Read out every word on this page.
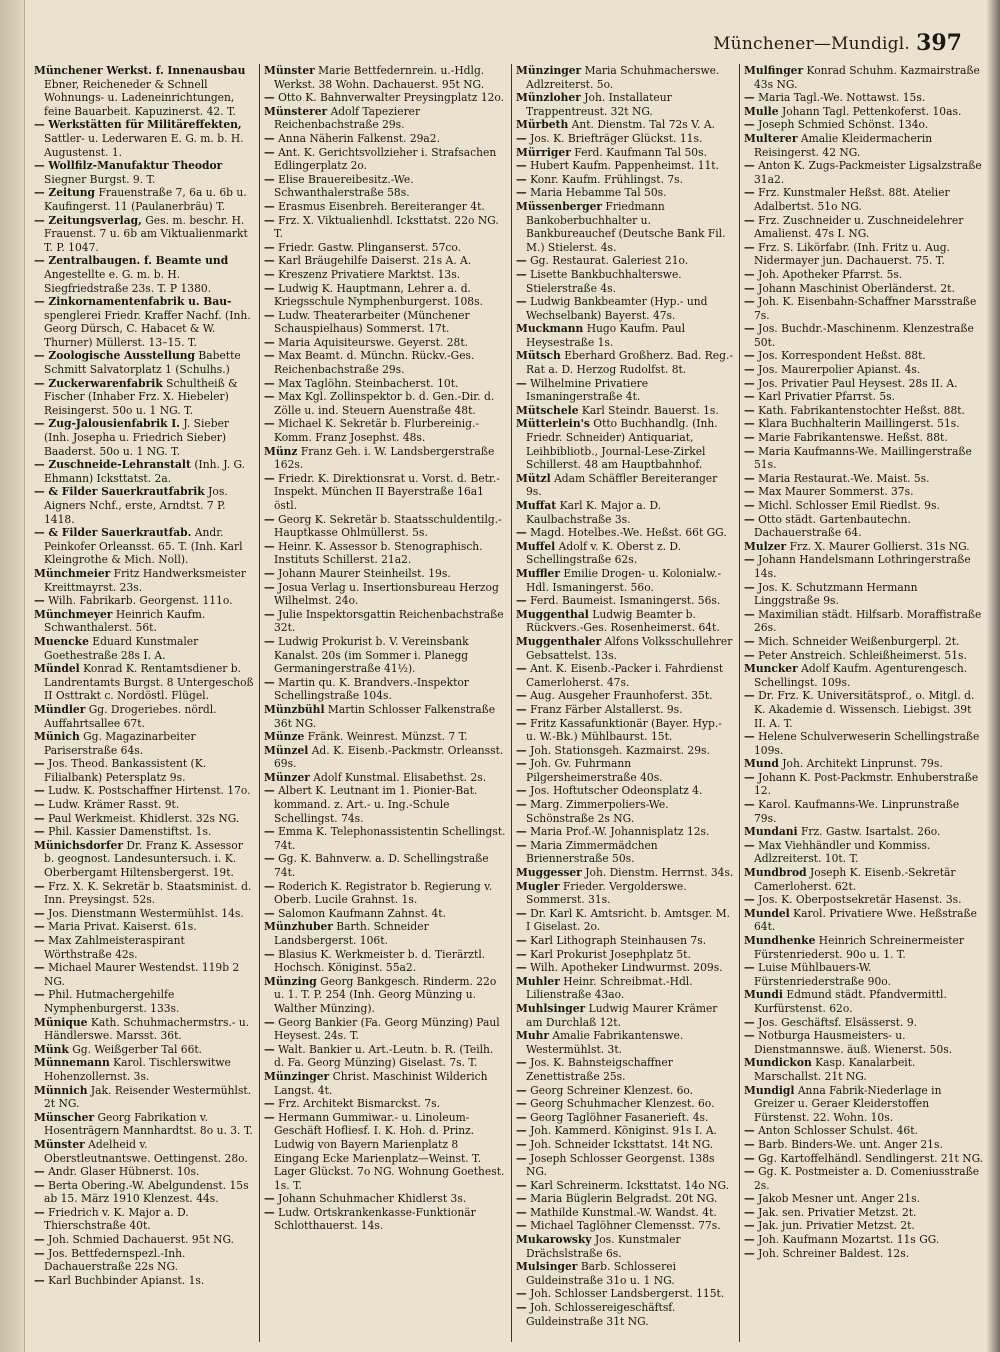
Münchener—Mundigl. 397
Münchener Werkst. f. Innenausbau Ebner, Reicheneder & Schnell Wohnungs- u. Ladeneinrichtungen, feine Bauarbeit. Kapuzinerst. 42. T.
— Werkstätten für Militäreffekten, Sattler- u. Lederwaren E. G. m. b. H. Augustenst. 1.
— Wollfilz-Manufaktur Theodor Siegner Burgst. 9. T.
— Zeitung Frauenstraße 7, 6a u. 6b u. Kaufingerst. 11 (Paulanerbräu) T.
— Zeitungsverlag, Ges. m. beschr. H. Frauenst. 7 u. 6b am Viktualienmarkt T. P. 1047.
— Zentralbaugen. f. Beamte und Angestellte e. G. m. b. H. Siegfriedstraße 23s. T. P 1380.
— Zinkornamentenfabrik u. Bau- spenglerei Friedr. Kraffer Nachf. (Inh. Georg Dürsch, C. Habacet & W. Thurner) Müllerst. 13–15. T.
— Zoologische Ausstellung Babette Schmitt Salvatorplatz 1 (Schulhs.)
— Zuckerwarenfabrik Schultheiß & Fischer (Inhaber Frz. X. Hiebeler) Reisingerst. 50o u. 1 NG. T.
— Zug-Jalousienfabrik I. J. Sieber (Inh. Josepha u. Friedrich Sieber) Baaderst. 50o u. 1 NG. T.
— Zuschneide-Lehranstalt (Inh. J. G. Ehmann) Icksttatst. 2a.
— & Filder Sauerkrautfabrik Jos. Aigners Nchf., erste, Arndtst. 7 P. 1418.
— & Filder Sauerkrautfab. Andr. Peinkofer Orleansst. 65. T. (Inh. Karl Kleingrothe & Mich. Noll).
Münchmeier Fritz Handwerksmeister Kreittmayrst. 23s.
— Wilh. Fabrikarb. Georgenst. 111o.
Münchmeyer Heinrich Kaufm. Schwanthalerst. 56t.
Muencke Eduard Kunstmaler Goethestraße 28s I. A.
Mündel Konrad K. Rentamtsdiener b. Landrentamts Burgst. 8 Untergeschoß II Osttrakt c. Nordöstl. Flügel.
Mündler Gg. Drogeriebes. nördl. Auffahrtsallee 67t.
Münich Gg. Magazinarbeiter Pariserstraße 64s.
— Jos. Theod. Bankassistent (K. Filialbank) Petersplatz 9s.
— Ludw. K. Postschaffner Hirtenst. 17o.
— Ludw. Krämer Rasst. 9t.
— Paul Werkmeist. Khidlerst. 32s NG.
— Phil. Kassier Damenstiftst. 1s.
Münichsdorfer Dr. Franz K. Assessor b. geognost. Landesuntersuch. i. K. Oberbergamt Hiltensbergerst. 19t.
— Frz. X. K. Sekretär b. Staatsminist. d. Inn. Preysingst. 52s.
— Jos. Dienstmann Westermühlst. 14s.
— Maria Privat. Kaiserst. 61s.
— Max Zahlmeisteraspirant Wörthstraße 42s.
— Michael Maurer Westendst. 119b 2 NG.
— Phil. Hutmachergehilfe Nymphenburgerst. 133s.
Münique Kath. Schuhmachermstrs.- u. Händlerswe. Marsst. 36t.
Münk Gg. Weißgerber Tal 66t.
Münnemann Karol. Tischlerswitwe Hohenzollernst. 3s.
Münnich Jak. Reisender Westermühlst. 2t NG.
Münscher Georg Fabrikation v. Hosenträgern Mannhardtst. 8o u. 3. T.
Münster Adelheid v. Oberstleutnantswe. Oettingenst. 28o.
— Andr. Glaser Hübnerst. 10s.
— Berta Obering.-W. Abelgundenst. 15s ab 15. März 1910 Klenzest. 44s.
— Friedrich v. K. Major a. D. Thierschstraße 40t.
— Joh. Schmied Dachauerst. 95t NG.
— Jos. Bettfedernspezl.-Inh. Dachauerstraße 22s NG.
— Karl Buchbinder Apianst. 1s.
Münster Marie Bettfedernrein. u.-Hdlg. Werkst. 38 Wohn. Dachauerst. 95t NG.
— Otto K. Bahnverwalter Preysingplatz 12o.
Münsterer Adolf Tapezierer Reichenbachstraße 29s.
— Anna Näherin Falkenst. 29a2.
— Ant. K. Gerichtsvollzieher i. Strafsachen Edlingerplatz 2o.
— Elise Brauereibesitz.-We. Schwanthalerstraße 58s.
— Erasmus Eisenbreh. Bereiteranger 4t.
— Frz. X. Viktualienhdl. Icksttatst. 22o NG. T.
— Friedr. Gastw. Plinganserst. 57co.
— Karl Bräugehilfe Daiserst. 21s A. A.
— Kreszenz Privatiere Marktst. 13s.
— Ludwig K. Hauptmann, Lehrer a. d. Kriegsschule Nymphenburgerst. 108s.
— Ludw. Theaterarbeiter (Münchener Schauspielhaus) Sommerst. 17t.
— Maria Aquisiteurswe. Geyerst. 28t.
— Max Beamt. d. Münchn. Rückv.-Ges. Reichenbachstraße 29s.
— Max Taglöhn. Steinbacherst. 10t.
— Max Kgl. Zollinspektor b. d. Gen.-Dir. d. Zölle u. ind. Steuern Auenstraße 48t.
— Michael K. Sekretär b. Flurbereinig.-Komm. Franz Josephst. 48s.
Münz Franz Geh. i. W. Landsbergerstraße 162s.
— Friedr. K. Direktionsrat u. Vorst. d. Betr.-Inspekt. München II Bayerstraße 16a1 östl.
— Georg K. Sekretär b. Staatsschuldentilg.-Hauptkasse Ohlmüllerst. 5s.
— Heinr. K. Assessor b. Stenographisch. Instituts Schillerst. 21a2.
— Johann Maurer Steinheilst. 19s.
— Josua Verlag u. Insertionsbureau Herzog Wilhelmst. 24o.
— Julie Inspektorsgattin Reichenbachstraße 32t.
— Ludwig Prokurist b. V. Vereinsbank Kanalst. 20s (im Sommer i. Planegg Germaningerstraße 41½).
— Martin qu. K. Brandvers.-Inspektor Schellingstraße 104s.
Münzbühl Martin Schlosser Falkenstraße 36t NG.
Münze Fränk. Weinrest. Münzst. 7 T.
Münzel Ad. K. Eisenb.-Packmstr. Orleansst. 69s.
Münzer Adolf Kunstmal. Elisabethst. 2s.
— Albert K. Leutnant im 1. Pionier-Bat. kommand. z. Art.- u. Ing.-Schule Schellingst. 74s.
— Emma K. Telephonassistentin Schellingst. 74t.
— Gg. K. Bahnverw. a. D. Schellingstraße 74t.
— Roderich K. Registrator b. Regierung v. Oberb. Lucile Grahnst. 1s.
— Salomon Kaufmann Zahnst. 4t.
Münzhuber Barth. Schneider Landsbergerst. 106t.
— Blasius K. Werkmeister b. d. Tierärztl. Hochsch. Königinst. 55a2.
Münzing Georg Bankgesch. Rinderm. 22o u. 1. T. P. 254 (Inh. Georg Münzing u. Walther Münzing).
— Georg Bankier (Fa. Georg Münzing) Paul Heysest. 24s. T.
— Walt. Bankier u. Art.-Leutn. b. R. (Teilh. d. Fa. Georg Münzing) Giselast. 7s. T.
Münzinger Christ. Maschinist Wilderich Langst. 4t.
— Frz. Architekt Bismarckst. 7s.
— Hermann Gummiwar.- u. Linoleum-Geschäft Hofliesf. I. K. Hoh. d. Prinz. Ludwig von Bayern Marienplatz 8 Eingang Ecke Marienplatz—Weinst. T. Lager Glückst. 7o NG. Wohnung Goethest. 1s. T.
— Johann Schuhmacher Khidlerst 3s.
— Ludw. Ortskrankenkasse-Funktionär Schlotthauerst. 14s.
Münzinger Maria Schuhmacherswe. Adlzreiterst. 5o.
Münzloher Joh. Installateur Trappentreust. 32t NG.
Mürbeth Ant. Dienstm. Tal 72s V. A.
— Jos. K. Briefträger Glückst. 11s.
Mürriger Ferd. Kaufmann Tal 50s.
— Hubert Kaufm. Pappenheimst. 11t.
— Konr. Kaufm. Frühlingst. 7s.
— Maria Hebamme Tal 50s.
Müssenberger Friedmann Bankoberbuchhalter u. Bankbureauchef (Deutsche Bank Fil. M.) Stielerst. 4s.
— Gg. Restaurat. Galeriest 21o.
— Lisette Bankbuchhalterswe. Stielerstraße 4s.
— Ludwig Bankbeamter (Hyp.- und Wechselbank) Bayerst. 47s.
Muckmann Hugo Kaufm. Paul Heysestraße 1s.
Mütsch Eberhard Großherz. Bad. Reg.-Rat a. D. Herzog Rudolfst. 8t.
— Wilhelmine Privatiere Ismaningerstraße 4t.
Mütschele Karl Steindr. Bauerst. 1s.
Mütterlein's Otto Buchhandlg. (Inh. Friedr. Schneider) Antiquariat, Leihbibliotb., Journal-Lese-Zirkel Schillerst. 48 am Hauptbahnhof.
Mützl Adam Schäffler Bereiteranger 9s.
Muffat Karl K. Major a. D. Kaulbachstraße 3s.
— Magd. Hotelbes.-We. Heßst. 66t GG.
Muffel Adolf v. K. Oberst z. D. Schellingstraße 62s.
Muffler Emilie Drogen- u. Kolonialw.-Hdl. Ismaningerst. 56o.
— Ferd. Baumeist. Ismaningerst. 56s.
Muggenthal Ludwig Beamter b. Rückvers.-Ges. Rosenheimerst. 64t.
Muggenthaler Alfons Volksschullehrer Gebsattelst. 13s.
— Ant. K. Eisenb.-Packer i. Fahrdienst Camerloherst. 47s.
— Aug. Ausgeher Fraunhoferst. 35t.
— Franz Färber Alstallerst. 9s.
— Fritz Kassafunktionär (Bayer. Hyp.- u. W.-Bk.) Mühlbaurst. 15t.
— Joh. Stationsgeh. Kazmairst. 29s.
— Joh. Gv. Fuhrmann Pilgersheimerstraße 40s.
— Jos. Hoftutscher Odeonsplatz 4.
— Marg. Zimmerpoliers-We. Schönstraße 2s NG.
— Maria Prof.-W. Johannisplatz 12s.
— Maria Zimmermädchen Briennerstraße 50s.
Muggesser Joh. Dienstm. Herrnst. 34s.
Mugler Frieder. Vergolderswe. Sommerst. 31s.
— Dr. Karl K. Amtsricht. b. Amtsger. M. I Giselast. 2o.
— Karl Lithograph Steinhausen 7s.
— Karl Prokurist Josephplatz 5t.
— Wilh. Apotheker Lindwurmst. 209s.
Muhler Heinr. Schreibmat.-Hdl. Lilienstraße 43ao.
Muhlsinger Ludwig Maurer Krämer am Durchlaß 12t.
Muhr Amalie Fabrikantenswe. Westermühlst. 3t.
— Jos. K. Bahnsteigschaffner Zenettistraße 25s.
— Georg Schreiner Klenzest. 6o.
— Georg Schuhmacher Klenzest. 6o.
— Georg Taglöhner Fasanerieft. 4s.
— Joh. Kammerd. Königinst. 91s I. A.
— Joh. Schneider Icksttatst. 14t NG.
— Joseph Schlosser Georgenst. 138s NG.
— Karl Schreinerm. Icksttatst. 14o NG.
— Maria Büglerin Belgradst. 20t NG.
— Mathilde Kunstmal.-W. Wandst. 4t.
— Michael Taglöhner Clemensst. 77s.
Mukarowsky Jos. Kunstmaler Drächslstraße 6s.
Mulsinger Barb. Schlosserei Guldeinstraße 31o u. 1 NG.
— Joh. Schlosser Landsbergerst. 115t.
— Joh. Schlossereigeschäftsf. Guldeinstraße 31t NG.
Mulfinger Konrad Schuhm. Kazmairstraße 43s NG.
— Maria Tagl.-We. Nottawst. 15s.
Mulle Johann Tagl. Pettenkoferst. 10as.
— Joseph Schmied Schönst. 134o.
Multerer Amalie Kleidermacherin Reisingerst. 42 NG.
— Anton K. Zugs-Packmeister Ligsalzstraße 31a2.
— Frz. Kunstmaler Heßst. 88t. Atelier Adalbertst. 51o NG.
— Frz. Zuschneider u. Zuschneidelehrer Amalienst. 47s I. NG.
— Frz. S. Likörfabr. (Inh. Fritz u. Aug. Nidermayer jun. Dachauerst. 75. T.
— Joh. Apotheker Pfarrst. 5s.
— Johann Maschinist Oberländerst. 2t.
— Joh. K. Eisenbahn-Schaffner Marsstraße 7s.
— Jos. Buchdr.-Maschinenm. Klenzestraße 50t.
— Jos. Korrespondent Heßst. 88t.
— Jos. Maurerpolier Apianst. 4s.
— Jos. Privatier Paul Heysest. 28s II. A.
— Karl Privatier Pfarrst. 5s.
— Kath. Fabrikantenstochter Heßst. 88t.
— Klara Buchhalterin Maillingerst. 51s.
— Marie Fabrikantenswe. Heßst. 88t.
— Maria Kaufmanns-We. Maillingerstraße 51s.
— Maria Restaurat.-We. Maist. 5s.
— Max Maurer Sommerst. 37s.
— Michl. Schlosser Emil Riedlst. 9s.
— Otto städt. Gartenbautechn. Dachauerstraße 64.
Mulzer Frz. X. Maurer Gollierst. 31s NG.
— Johann Handelsmann Lothringerstraße 14s.
— Jos. K. Schutzmann Hermann Linggstraße 9s.
— Maximilian städt. Hilfsarb. Moraffistraße 26s.
— Mich. Schneider Weißenburgerpl. 2t.
— Peter Anstreich. Schleißheimerst. 51s.
Muncker Adolf Kaufm. Agenturengesch. Schellingst. 109s.
— Dr. Frz. K. Universitätsprof., o. Mitgl. d. K. Akademie d. Wissensch. Liebigst. 39t II. A. T.
— Helene Schulverweserin Schellingstraße 109s.
Mund Joh. Architekt Linprunst. 79s.
— Johann K. Post-Packmstr. Enhuberstraße 12.
— Karol. Kaufmanns-We. Linprunstraße 79s.
Mundani Frz. Gastw. Isartalst. 26o.
— Max Viehhändler und Kommiss. Adlzreiterst. 10t. T.
Mundbrod Joseph K. Eisenb.-Sekretär Camerloherst. 62t.
— Jos. K. Oberpostsekretär Hasenst. 3s.
Mundel Karol. Privatiere Wwe. Heßstraße 64t.
Mundhenke Heinrich Schreinermeister Fürstenriederst. 90o u. 1. T.
— Luise Mühlbauers-W. Fürstenriederstraße 90o.
Mundi Edmund städt. Pfandvermittl. Kurfürstenst. 62o.
— Jos. Geschäftsf. Elsässerst. 9.
— Notburga Hausmeisters- u. Dienstmannswe. äuß. Wienerst. 50s.
Mundickon Kasp. Kanalarbeit. Marschallst. 21t NG.
Mundigl Anna Fabrik-Niederlage in Greizer u. Geraer Kleiderstoffen Fürstenst. 22. Wohn. 10s.
— Anton Schlosser Schulst. 46t.
— Barb. Binders-We. unt. Anger 21s.
— Gg. Kartoffelhändl. Sendlingerst. 21t NG.
— Gg. K. Postmeister a. D. Comeniusstraße 2s.
— Jakob Mesner unt. Anger 21s.
— Jak. sen. Privatier Metzst. 2t.
— Jak. jun. Privatier Metzst. 2t.
— Joh. Kaufmann Mozartst. 11s GG.
— Joh. Schreiner Baldest. 12s.
